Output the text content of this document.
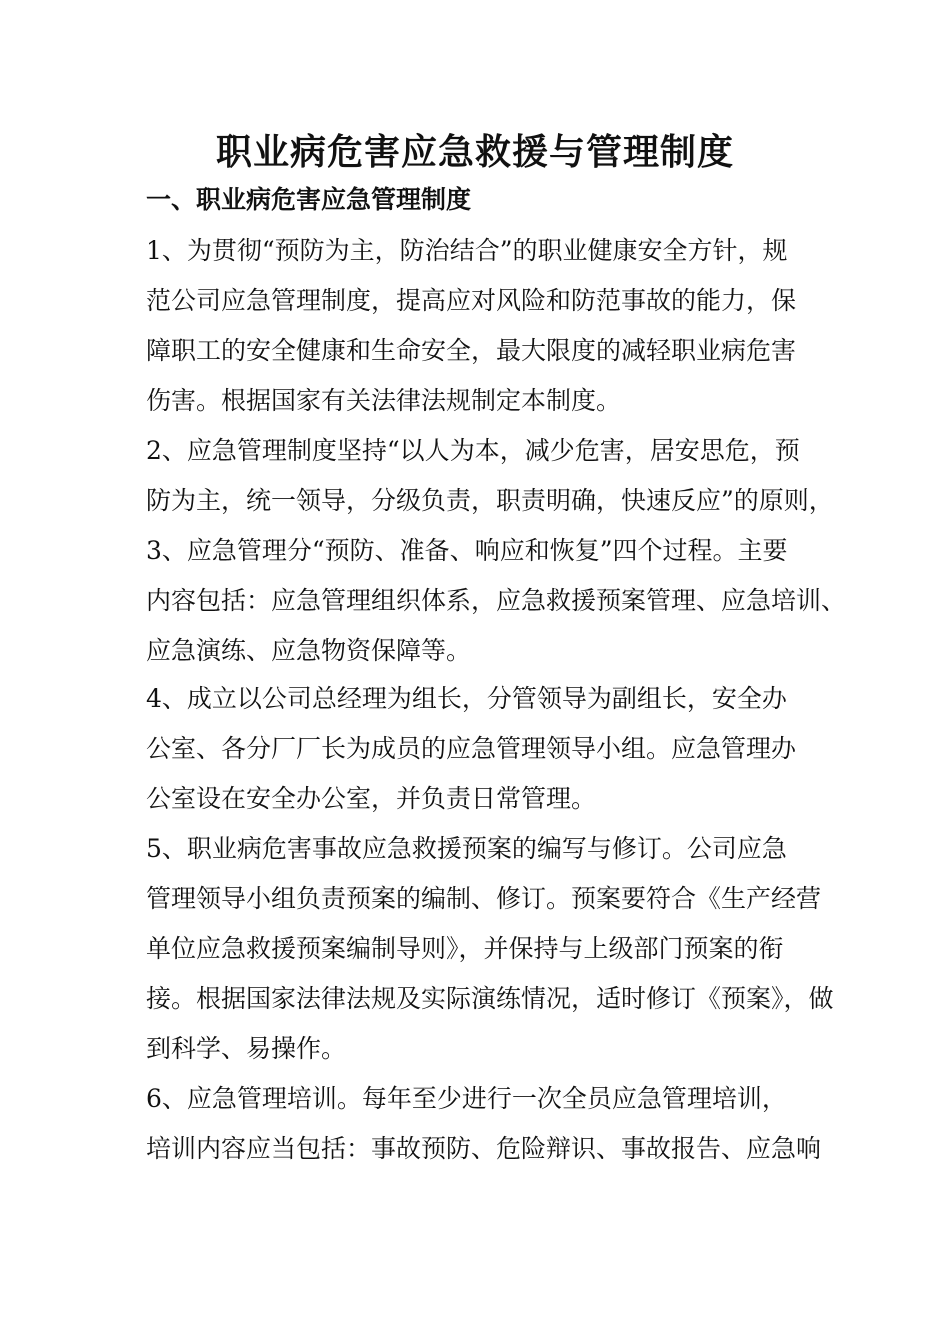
职业病危害应急救援与管理制度
一、职业病危害应急管理制度
1、为贯彻“预防为主，防治结合”的职业健康安全方针，规
范公司应急管理制度，提高应对风险和防范事故的能力，保
障职工的安全健康和生命安全，最大限度的减轻职业病危害
伤害。根据国家有关法律法规制定本制度。
2、应急管理制度坚持“以人为本，减少危害，居安思危，预
防为主，统一领导，分级负责，职责明确，快速反应”的原则，
3、应急管理分“预防、准备、响应和恢复”四个过程。主要
内容包括：应急管理组织体系，应急救援预案管理、应急培训、
应急演练、应急物资保障等。
4、成立以公司总经理为组长，分管领导为副组长，安全办
公室、各分厂厂长为成员的应急管理领导小组。应急管理办
公室设在安全办公室，并负责日常管理。
5、职业病危害事故应急救援预案的编写与修订。公司应急
管理领导小组负责预案的编制、修订。预案要符合《生产经营
单位应急救援预案编制导则》，并保持与上级部门预案的衔
接。根据国家法律法规及实际演练情况，适时修订《预案》，做
到科学、易操作。
6、应急管理培训。每年至少进行一次全员应急管理培训，
培训内容应当包括：事故预防、危险辩识、事故报告、应急响
